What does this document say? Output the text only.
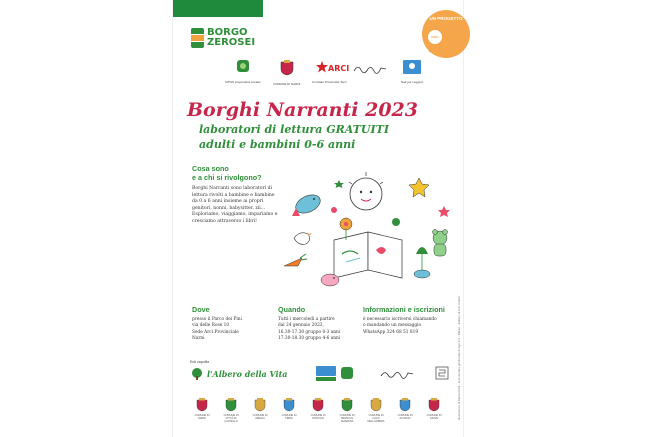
BORGO
ZEROSEI
UN PROGETTO
CON I BAMBINI
CIPSS cooperativa sociale	COMUNE DI NARNI
ARCI
Comitato Provinciale Terni	Nati per Leggere
Borghi Narranti 2023
laboratori di lettura GRATUITI
adulti e bambini 0-6 anni
Cosa sono
e a chi si rivolgono?
Borghi Narranti sono laboratori di lettura rivolti a bambine e bambine da 0 a 6 anni insieme ai propri genitori, nonni, babysitter, zii... Esploriamo, viaggiamo, impariamo e cresciamo attraverso i libri!
Dove
presso il Parco dei Pini
via delle Rose 10
Sede Arci Provinciale
Narni
Quando
Tutti i mercoledì a partire
dal 24 gennaio 2023,
16.30-17.30 gruppo 0-3 anni
17.30-18.30 gruppo 4-6 anni
Informazioni e iscrizioni
è necessario iscriversi chiamando
o mandando un messaggio
WhatsApp 324 68 51 819
Enti capofila
l'Albero della Vita
COMUNE DI NARNI
COMUNE DI CITTÀ DI CASTELLO
COMUNE DI AMELIA
COMUNE DI TERNI
COMUNE DI OTRICOLI
COMUNE DI PENNA IN TEVERINA
COMUNE DI CALVI DELL'UMBRIA
COMUNE DI ALVIANO
COMUNE DI GIOVE	Illustrazioni di Marta Rotili - testi da idea genitoriale di Agè 0-6 - Bilbao - Edition di Arci Violetti
